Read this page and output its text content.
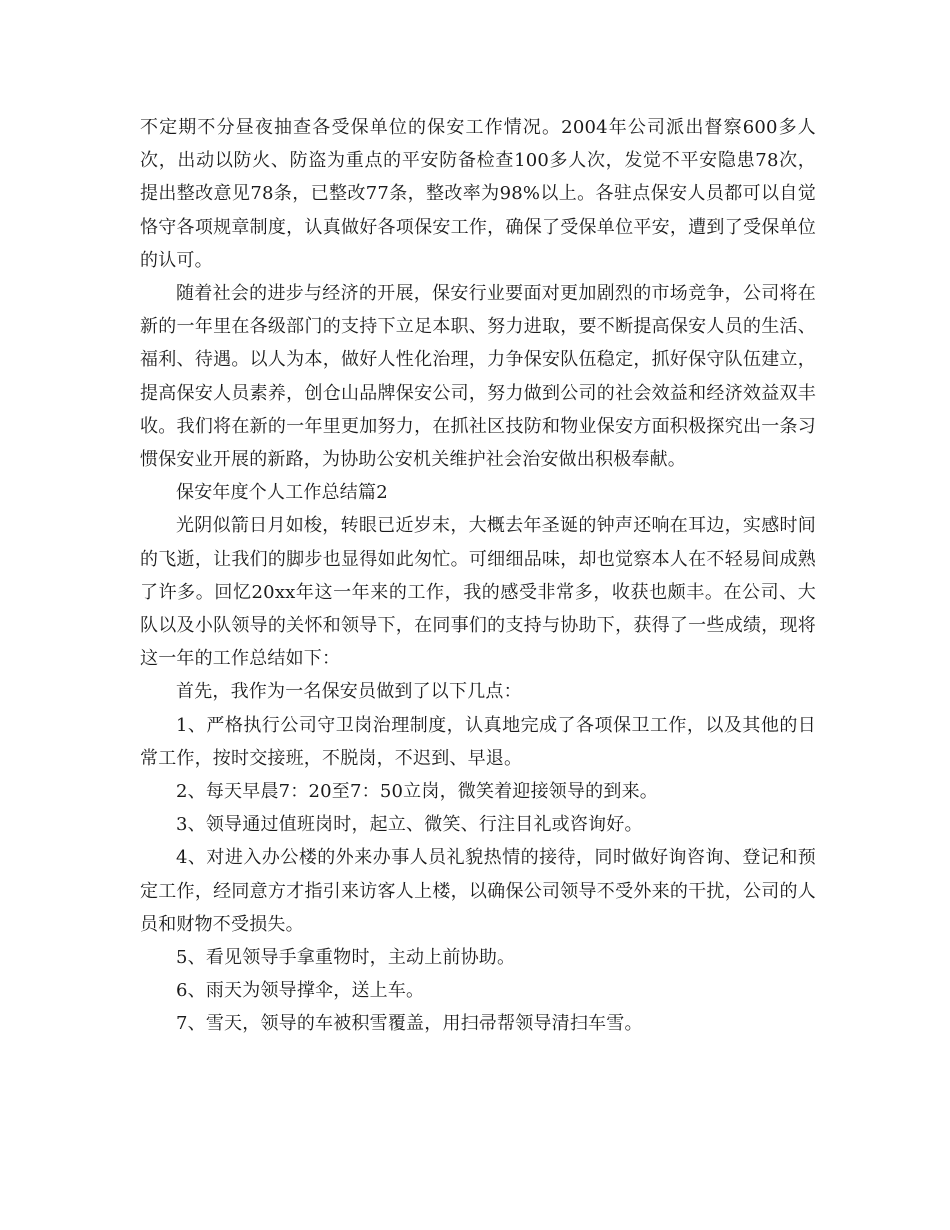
不定期不分昼夜抽查各受保单位的保安工作情况。2004年公司派出督察600多人次，出动以防火、防盗为重点的平安防备检查100多人次，发觉不平安隐患78次，提出整改意见78条，已整改77条，整改率为98%以上。各驻点保安人员都可以自觉恪守各项规章制度，认真做好各项保安工作，确保了受保单位平安，遭到了受保单位的认可。

随着社会的进步与经济的开展，保安行业要面对更加剧烈的市场竞争，公司将在新的一年里在各级部门的支持下立足本职、努力进取，要不断提高保安人员的生活、福利、待遇。以人为本，做好人性化治理，力争保安队伍稳定，抓好保守队伍建立，提高保安人员素养，创仓山品牌保安公司，努力做到公司的社会效益和经济效益双丰收。我们将在新的一年里更加努力，在抓社区技防和物业保安方面积极探究出一条习惯保安业开展的新路，为协助公安机关维护社会治安做出积极奉献。

保安年度个人工作总结篇2

光阴似箭日月如梭，转眼已近岁末，大概去年圣诞的钟声还响在耳边，实感时间的飞逝，让我们的脚步也显得如此匆忙。可细细品味，却也觉察本人在不轻易间成熟了许多。回忆20xx年这一年来的工作，我的感受非常多，收获也颇丰。在公司、大队以及小队领导的关怀和领导下，在同事们的支持与协助下，获得了一些成绩，现将这一年的工作总结如下：

首先，我作为一名保安员做到了以下几点：

1、严格执行公司守卫岗治理制度，认真地完成了各项保卫工作，以及其他的日常工作，按时交接班，不脱岗，不迟到、早退。

2、每天早晨7：20至7：50立岗，微笑着迎接领导的到来。

3、领导通过值班岗时，起立、微笑、行注目礼或咨询好。

4、对进入办公楼的外来办事人员礼貌热情的接待，同时做好询咨询、登记和预定工作，经同意方才指引来访客人上楼，以确保公司领导不受外来的干扰，公司的人员和财物不受损失。

5、看见领导手拿重物时，主动上前协助。

6、雨天为领导撑伞，送上车。

7、雪天，领导的车被积雪覆盖，用扫帚帮领导清扫车雪。
